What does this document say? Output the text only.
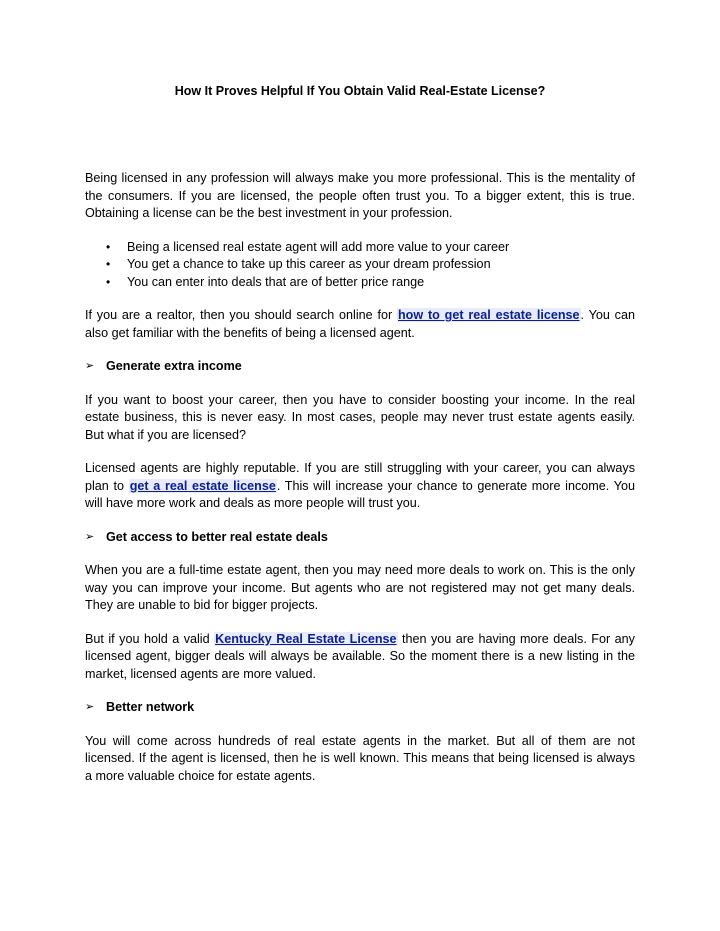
How It Proves Helpful If You Obtain Valid Real-Estate License?

Being licensed in any profession will always make you more professional. This is the mentality of the consumers. If you are licensed, the people often trust you. To a bigger extent, this is true. Obtaining a license can be the best investment in your profession.

• Being a licensed real estate agent will add more value to your career
• You get a chance to take up this career as your dream profession
• You can enter into deals that are of better price range

If you are a realtor, then you should search online for how to get real estate license. You can also get familiar with the benefits of being a licensed agent.

➢ Generate extra income

If you want to boost your career, then you have to consider boosting your income. In the real estate business, this is never easy. In most cases, people may never trust estate agents easily. But what if you are licensed?

Licensed agents are highly reputable. If you are still struggling with your career, you can always plan to get a real estate license. This will increase your chance to generate more income. You will have more work and deals as more people will trust you.

➢ Get access to better real estate deals

When you are a full-time estate agent, then you may need more deals to work on. This is the only way you can improve your income. But agents who are not registered may not get many deals. They are unable to bid for bigger projects.

But if you hold a valid Kentucky Real Estate License then you are having more deals. For any licensed agent, bigger deals will always be available. So the moment there is a new listing in the market, licensed agents are more valued.

➢ Better network

You will come across hundreds of real estate agents in the market. But all of them are not licensed. If the agent is licensed, then he is well known. This means that being licensed is always a more valuable choice for estate agents.
